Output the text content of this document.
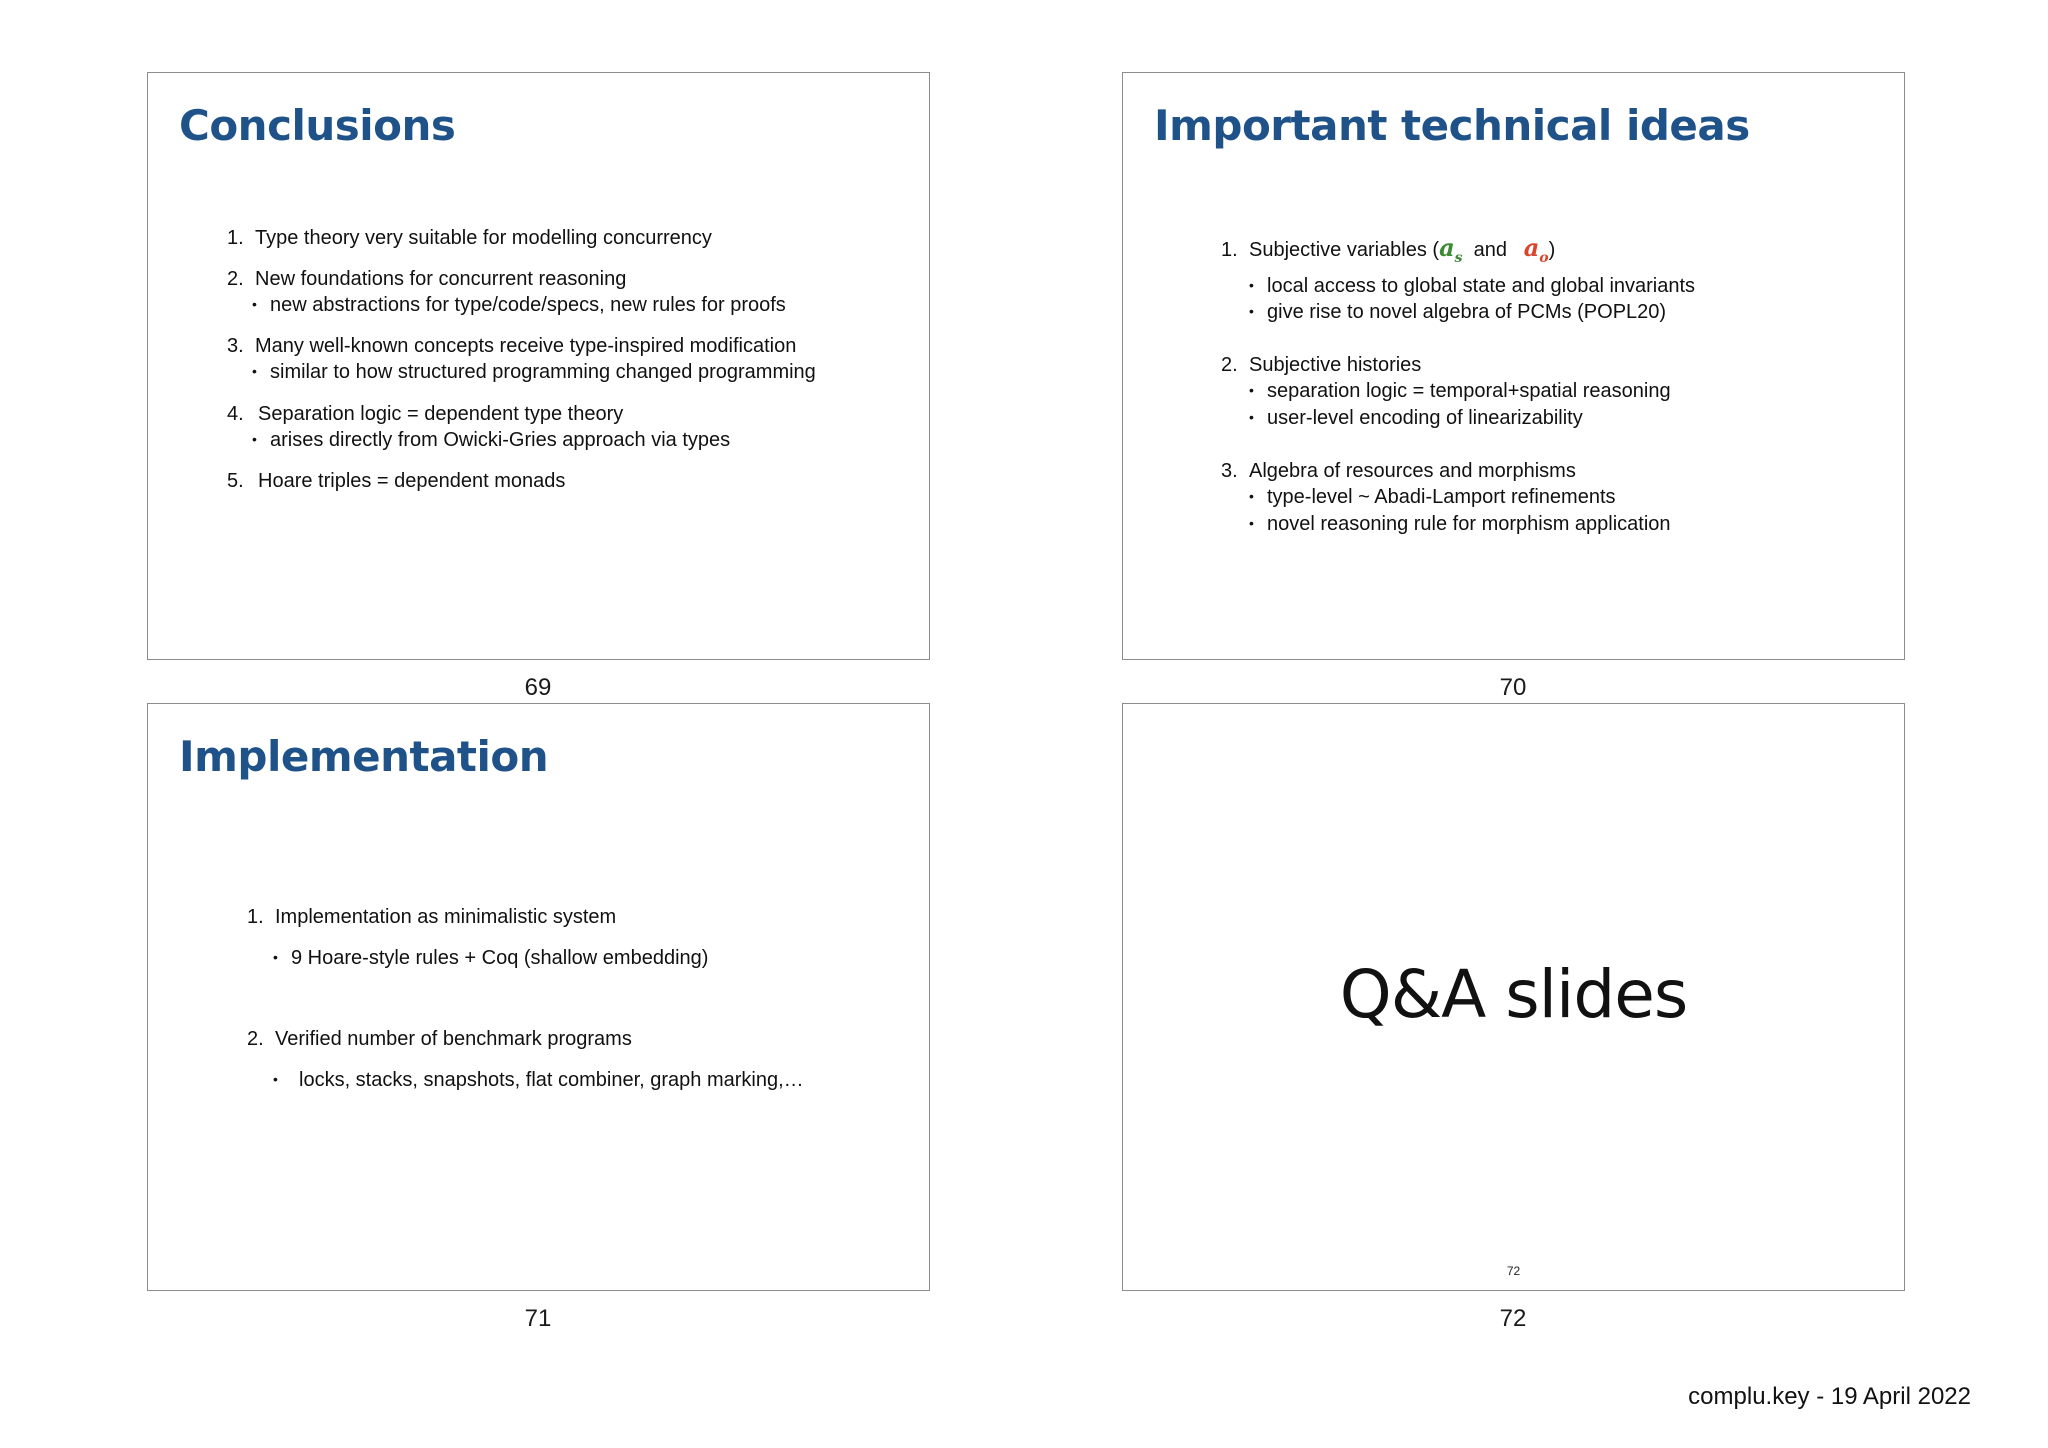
Conclusions
1. Type theory very suitable for modelling concurrency
2. New foundations for concurrent reasoning
• new abstractions for type/code/specs, new rules for proofs
3. Many well-known concepts receive type-inspired modification
• similar to how structured programming changed programming
4. Separation logic = dependent type theory
• arises directly from Owicki-Gries approach via types
5. Hoare triples = dependent monads
69
Important technical ideas
1. Subjective variables ($a_s$ and $a_o$)
• local access to global state and global invariants
• give rise to novel algebra of PCMs (POPL20)
2. Subjective histories
• separation logic = temporal+spatial reasoning
• user-level encoding of linearizability
3. Algebra of resources and morphisms
• type-level ~ Abadi-Lamport refinements
• novel reasoning rule for morphism application
70
Implementation
1. Implementation as minimalistic system
• 9 Hoare-style rules + Coq (shallow embedding)
2. Verified number of benchmark programs
• locks, stacks, snapshots, flat combiner, graph marking,…
71
Q&A slides
72
72
complu.key - 19 April 2022
